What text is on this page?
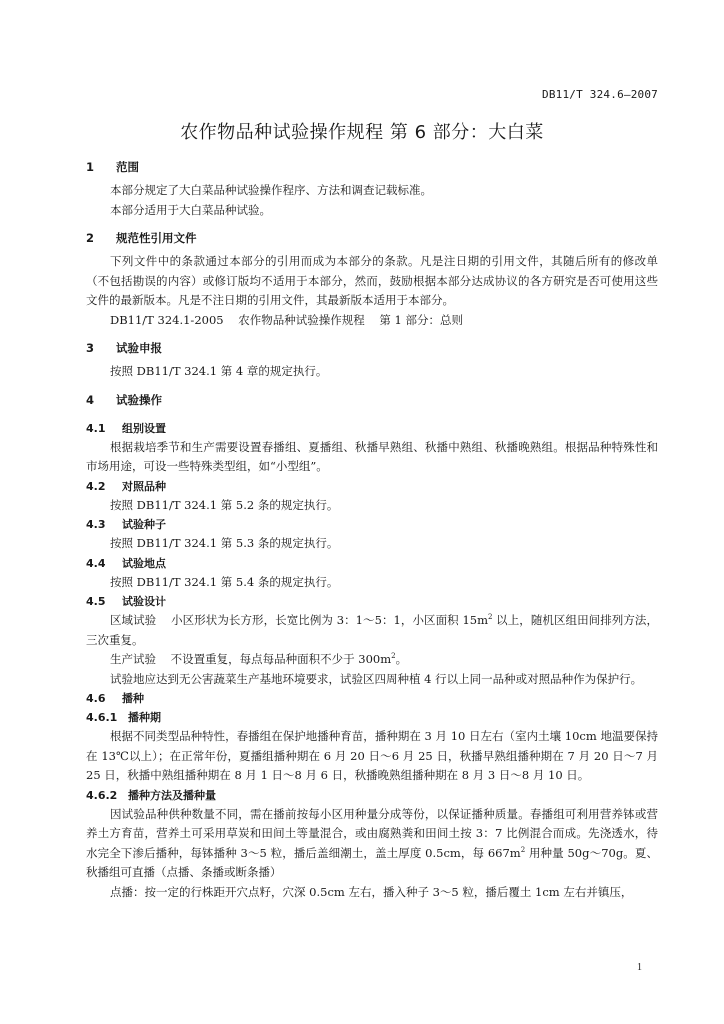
DB11/T 324.6—2007
农作物品种试验操作规程 第 6 部分：大白菜
1 范围

本部分规定了大白菜品种试验操作程序、方法和调查记载标准。

本部分适用于大白菜品种试验。

2 规范性引用文件

下列文件中的条款通过本部分的引用而成为本部分的条款。凡是注日期的引用文件，其随后所有的修改单（不包括勘误的内容）或修订版均不适用于本部分，然而，鼓励根据本部分达成协议的各方研究是否可使用这些文件的最新版本。凡是不注日期的引用文件，其最新版本适用于本部分。

DB11/T 324.1-2005    农作物品种试验操作规程    第 1 部分：总则

3 试验申报

按照 DB11/T 324.1 第 4 章的规定执行。

4 试验操作
4.1 组别设置

根据栽培季节和生产需要设置春播组、夏播组、秋播早熟组、秋播中熟组、秋播晚熟组。根据品种特殊性和市场用途，可设一些特殊类型组，如“小型组”。

4.2 对照品种

按照 DB11/T 324.1 第 5.2 条的规定执行。

4.3 试验种子

按照 DB11/T 324.1 第 5.3 条的规定执行。

4.4 试验地点

按照 DB11/T 324.1 第 5.4 条的规定执行。

4.5 试验设计

区域试验    小区形状为长方形，长宽比例为 3：1～5：1，小区面积 $15m^2$ 以上，随机区组田间排列方法，三次重复。

生产试验    不设置重复，每点每品种面积不少于 $300m^2$。

试验地应达到无公害蔬菜生产基地环境要求，试验区四周种植 4 行以上同一品种或对照品种作为保护行。

4.6 播种
4.6.1 播种期

根据不同类型品种特性，春播组在保护地播种育苗，播种期在 3 月 10 日左右（室内土壤 10cm 地温要保持在 13℃以上）；在正常年份，夏播组播种期在 6 月 20 日～6 月 25 日，秋播早熟组播种期在 7 月 20 日～7 月 25 日，秋播中熟组播种期在 8 月 1 日～8 月 6 日，秋播晚熟组播种期在 8 月 3 日～8 月 10 日。

4.6.2 播种方法及播种量

因试验品种供种数量不同，需在播前按每小区用种量分成等份，以保证播种质量。春播组可利用营养钵或营养土方育苗，营养土可采用草炭和田间土等量混合，或由腐熟粪和田间土按 3：7 比例混合而成。先浇透水，待水完全下渗后播种，每钵播种 3～5 粒，播后盖细潮土，盖土厚度 0.5cm，每 $667m^2$ 用种量 50g～70g。夏、秋播组可直播（点播、条播或断条播）

点播：按一定的行株距开穴点籽，穴深 0.5cm 左右，播入种子 3～5 粒，播后覆土 1cm 左右并镇压，

1
